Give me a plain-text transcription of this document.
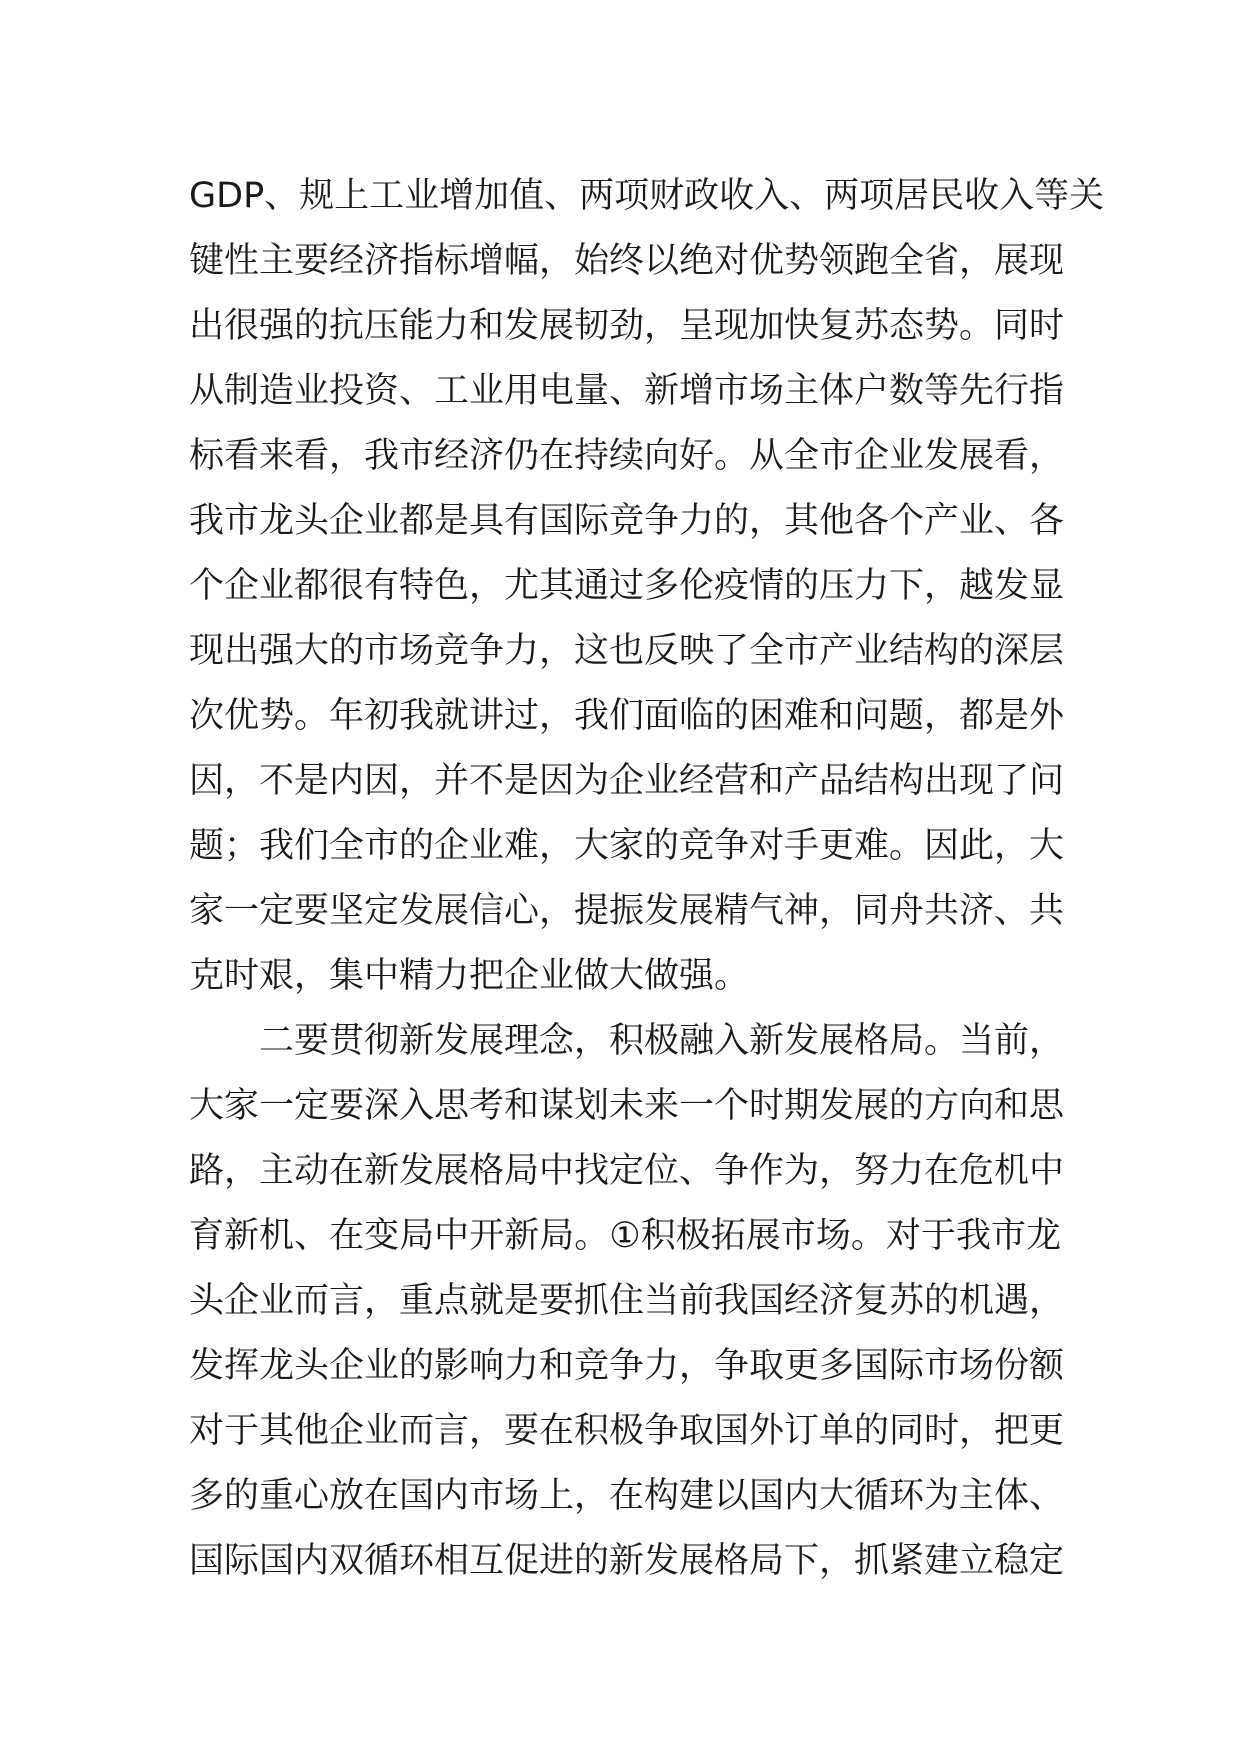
GDP、规上工业增加值、两项财政收入、两项居民收入等关
键性主要经济指标增幅，始终以绝对优势领跑全省，展现
出很强的抗压能力和发展韧劲，呈现加快复苏态势。同时
从制造业投资、工业用电量、新增市场主体户数等先行指
标看来看，我市经济仍在持续向好。从全市企业发展看，
我市龙头企业都是具有国际竞争力的，其他各个产业、各
个企业都很有特色，尤其通过多伦疫情的压力下，越发显
现出强大的市场竞争力，这也反映了全市产业结构的深层
次优势。年初我就讲过，我们面临的困难和问题，都是外
因，不是内因，并不是因为企业经营和产品结构出现了问
题；我们全市的企业难，大家的竞争对手更难。因此，大
家一定要坚定发展信心，提振发展精气神，同舟共济、共
克时艰，集中精力把企业做大做强。
二要贯彻新发展理念，积极融入新发展格局。当前，
大家一定要深入思考和谋划未来一个时期发展的方向和思
路，主动在新发展格局中找定位、争作为，努力在危机中
育新机、在变局中开新局。①积极拓展市场。对于我市龙
头企业而言，重点就是要抓住当前我国经济复苏的机遇，
发挥龙头企业的影响力和竞争力，争取更多国际市场份额
对于其他企业而言，要在积极争取国外订单的同时，把更
多的重心放在国内市场上，在构建以国内大循环为主体、
国际国内双循环相互促进的新发展格局下，抓紧建立稳定
